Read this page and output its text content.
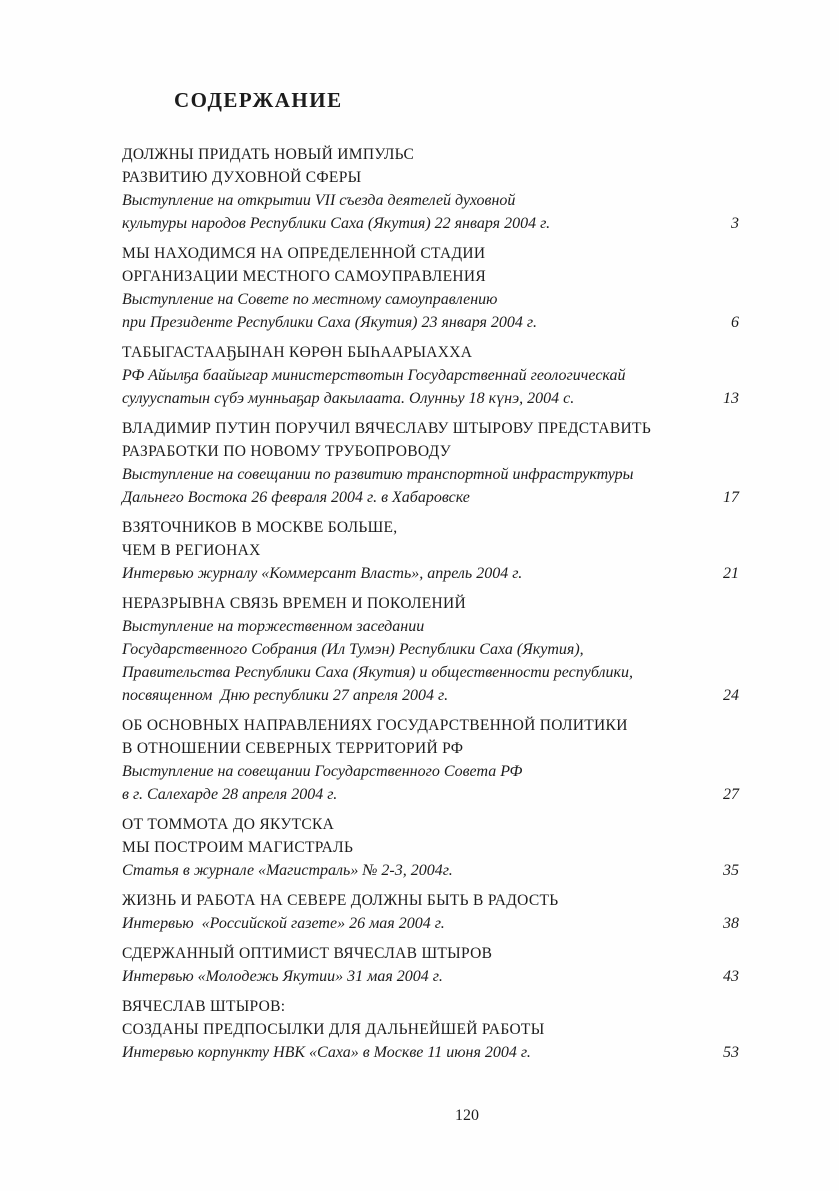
СОДЕРЖАНИЕ
ДОЛЖНЫ ПРИДАТЬ НОВЫЙ ИМПУЛЬС
РАЗВИТИЮ ДУХОВНОЙ СФЕРЫ
Выступление на открытии VII съезда деятелей духовной
культуры народов Республики Саха (Якутия) 22 января 2004 г.	3
МЫ НАХОДИМСЯ НА ОПРЕДЕЛЕННОЙ СТАДИИ
ОРГАНИЗАЦИИ МЕСТНОГО САМОУПРАВЛЕНИЯ
Выступление на Совете по местному самоуправлению
при Президенте Республики Саха (Якутия) 23 января 2004 г.	6
ТАБЫГАСТААҔЫНАН КӨРӨН БЫҺААРЫАХХА
РФ Айылҕа баайыгар министерствотын Государственнай геологическай
сулууспатын сүбэ мунньаҕар дакылаата. Олунньу 18 күнэ, 2004 с.	13
ВЛАДИМИР ПУТИН ПОРУЧИЛ ВЯЧЕСЛАВУ ШТЫРОВУ ПРЕДСТАВИТЬ
РАЗРАБОТКИ ПО НОВОМУ ТРУБОПРОВОДУ
Выступление на совещании по развитию транспортной инфраструктуры
Дальнего Востока 26 февраля 2004 г. в Хабаровске	17
ВЗЯТОЧНИКОВ В МОСКВЕ БОЛЬШЕ,
ЧЕМ В РЕГИОНАХ
Интервью журналу «Коммерсант Власть», апрель 2004 г.	21
НЕРАЗРЫВНА СВЯЗЬ ВРЕМЕН И ПОКОЛЕНИЙ
Выступление на торжественном заседании
Государственного Собрания (Ил Тумэн) Республики Саха (Якутия),
Правительства Республики Саха (Якутия) и общественности республики,
посвященном  Дню республики 27 апреля 2004 г.	24
ОБ ОСНОВНЫХ НАПРАВЛЕНИЯХ ГОСУДАРСТВЕННОЙ ПОЛИТИКИ
В ОТНОШЕНИИ СЕВЕРНЫХ ТЕРРИТОРИЙ РФ
Выступление на совещании Государственного Совета РФ
в г. Салехарде 28 апреля 2004 г.	27
ОТ ТОММОТА ДО ЯКУТСКА
МЫ ПОСТРОИМ МАГИСТРАЛЬ
Статья в журнале «Магистраль» № 2-3, 2004г.	35
ЖИЗНЬ И РАБОТА НА СЕВЕРЕ ДОЛЖНЫ БЫТЬ В РАДОСТЬ
Интервью  «Российской газете» 26 мая 2004 г.	38
СДЕРЖАННЫЙ ОПТИМИСТ ВЯЧЕСЛАВ ШТЫРОВ
Интервью «Молодежь Якутии» 31 мая 2004 г.	43
ВЯЧЕСЛАВ ШТЫРОВ:
СОЗДАНЫ ПРЕДПОСЫЛКИ ДЛЯ ДАЛЬНЕЙШЕЙ РАБОТЫ
Интервью корпункту НВК «Саха» в Москве 11 июня 2004 г.	53
120
